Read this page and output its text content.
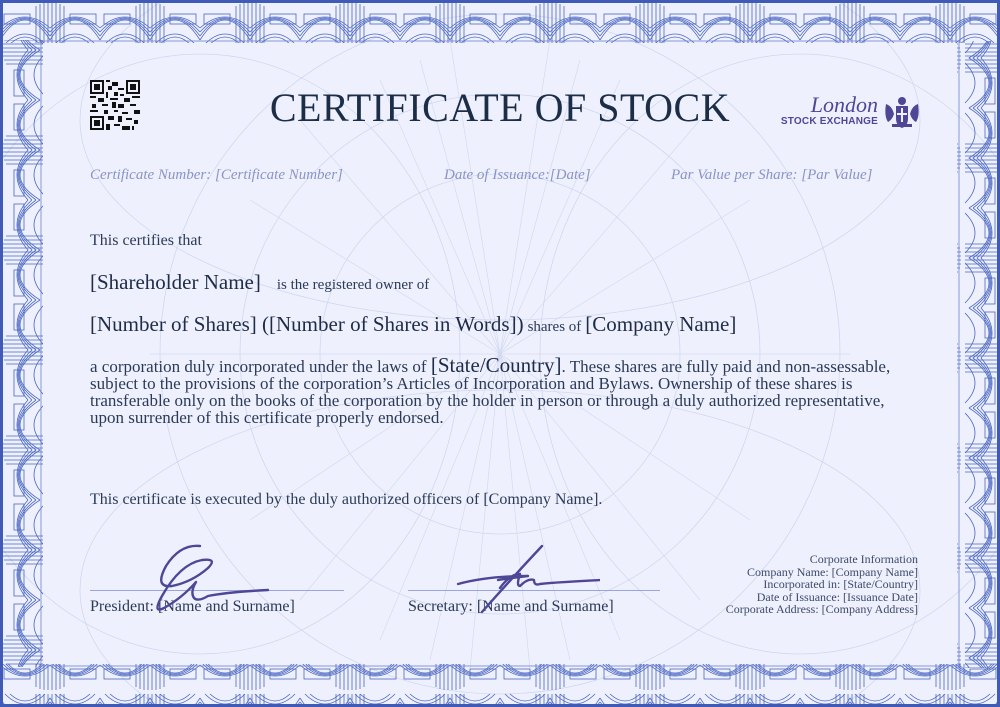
CERTIFICATE OF STOCK	London
STOCK EXCHANGE
Certificate Number: [Certificate Number]	Date of Issuance:[Date]	Par Value per Share: [Par Value]
This certifies that
[Shareholder Name] is the registered owner of
[Number of Shares] ([Number of Shares in Words]) shares of [Company Name]
a corporation duly incorporated under the laws of [State/Country]. These shares are fully paid and non-assessable, subject to the provisions of the corporation’s Articles of Incorporation and Bylaws. Ownership of these shares is transferable only on the books of the corporation by the holder in person or through a duly authorized representative, upon surrender of this certificate properly endorsed.
This certificate is executed by the duly authorized officers of [Company Name].
President: [Name and Surname]	Secretary: [Name and Surname]
Corporate Information
Company Name: [Company Name]
Incorporated in: [State/Country]
Date of Issuance: [Issuance Date]
Corporate Address: [Company Address]
